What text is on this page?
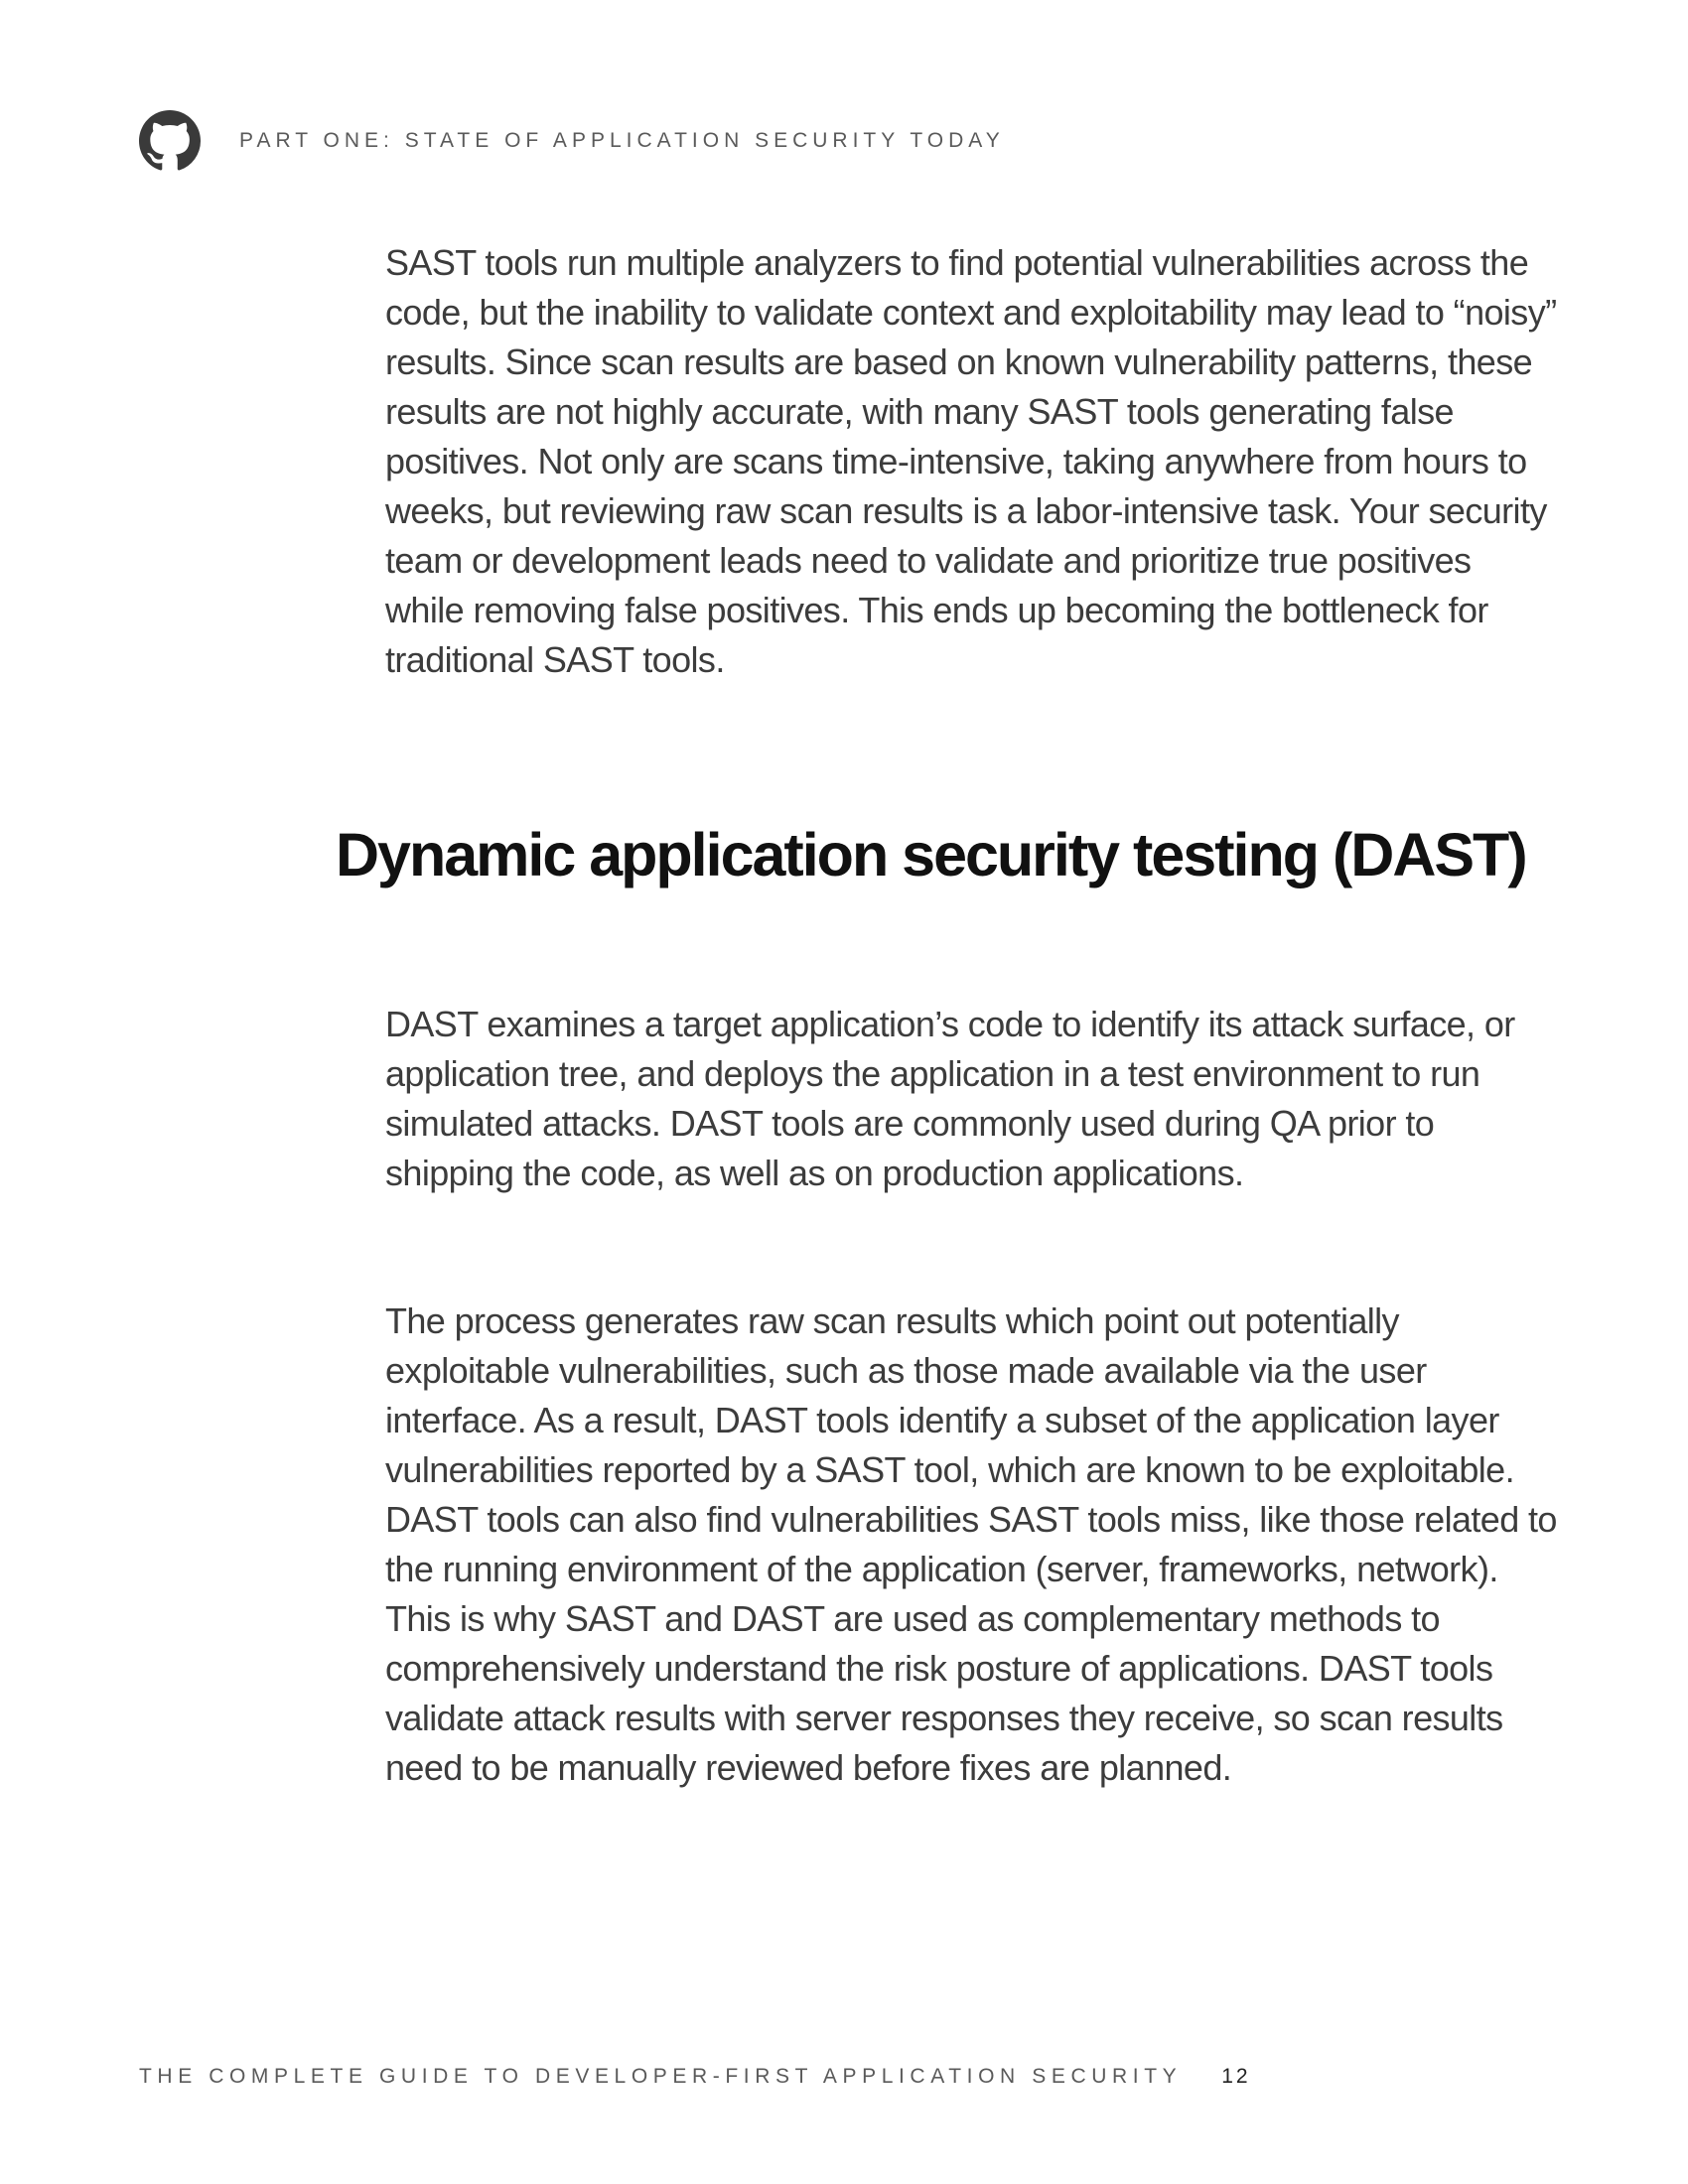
PART ONE: STATE OF APPLICATION SECURITY TODAY

SAST tools run multiple analyzers to find potential vulnerabilities across the code, but the inability to validate context and exploitability may lead to “noisy” results. Since scan results are based on known vulnerability patterns, these results are not highly accurate, with many SAST tools generating false positives. Not only are scans time-intensive, taking anywhere from hours to weeks, but reviewing raw scan results is a labor-intensive task. Your security team or development leads need to validate and prioritize true positives while removing false positives. This ends up becoming the bottleneck for traditional SAST tools.

Dynamic application security testing (DAST)

DAST examines a target application’s code to identify its attack surface, or application tree, and deploys the application in a test environment to run simulated attacks. DAST tools are commonly used during QA prior to shipping the code, as well as on production applications.

The process generates raw scan results which point out potentially exploitable vulnerabilities, such as those made available via the user interface. As a result, DAST tools identify a subset of the application layer vulnerabilities reported by a SAST tool, which are known to be exploitable. DAST tools can also find vulnerabilities SAST tools miss, like those related to the running environment of the application (server, frameworks, network). This is why SAST and DAST are used as complementary methods to comprehensively understand the risk posture of applications. DAST tools validate attack results with server responses they receive, so scan results need to be manually reviewed before fixes are planned.

THE COMPLETE GUIDE TO DEVELOPER-FIRST APPLICATION SECURITY 12
